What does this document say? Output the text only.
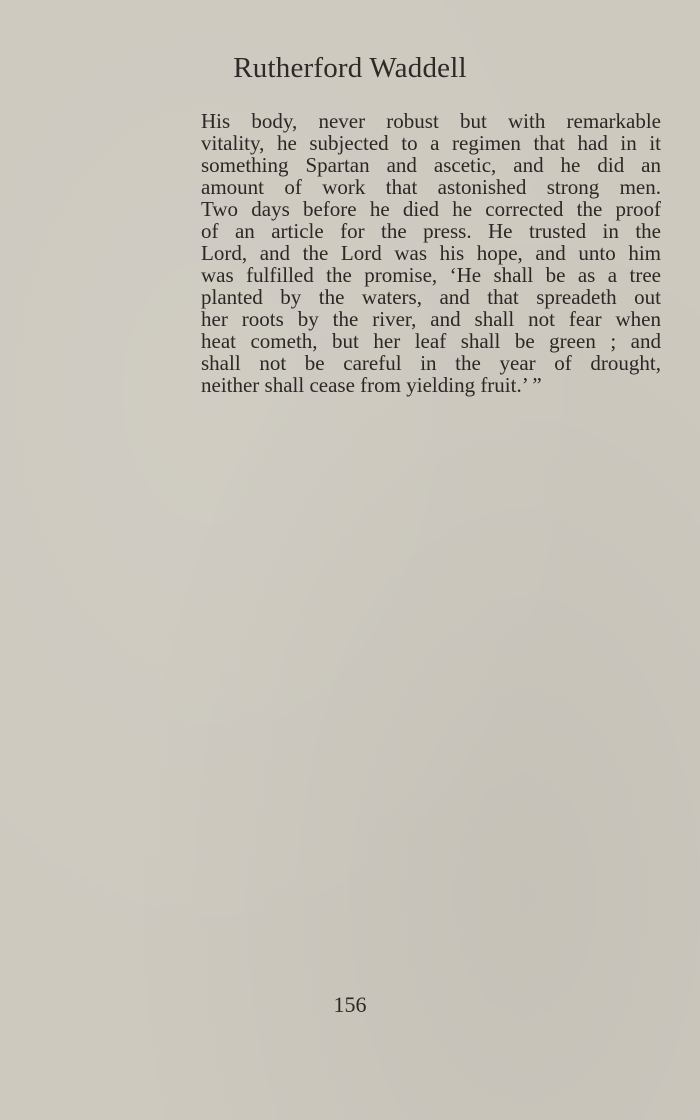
Rutherford Waddell
His body, never robust but with remarkable
vitality, he subjected to a regimen that had in it
something Spartan and ascetic, and he did an
amount of work that astonished strong men.
Two days before he died he corrected the proof
of an article for the press. He trusted in the
Lord, and the Lord was his hope, and unto him
was fulfilled the promise, ‘He shall be as a tree
planted by the waters, and that spreadeth out
her roots by the river, and shall not fear when
heat cometh, but her leaf shall be green ; and
shall not be careful in the year of drought,
neither shall cease from yielding fruit.’ ”
156
